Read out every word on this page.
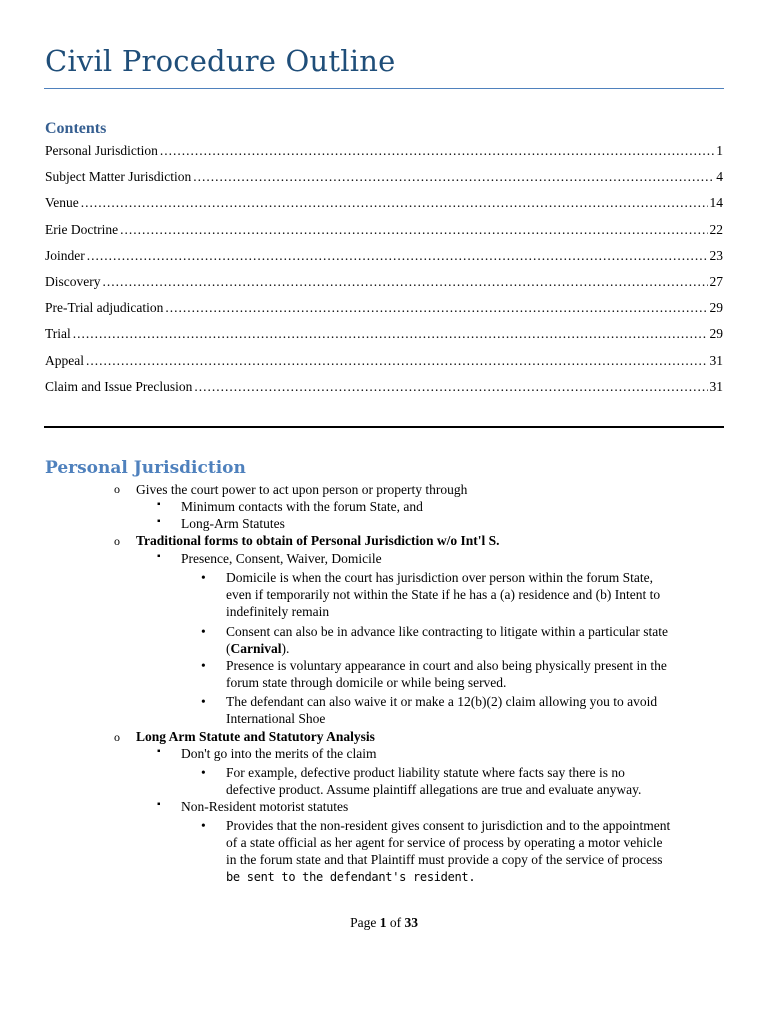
Civil Procedure Outline
Contents
Personal Jurisdiction .....	1
Subject Matter Jurisdiction .....	4
Venue .....	14
Erie Doctrine .....	22
Joinder .....	23
Discovery .....	27
Pre-Trial adjudication .....	29
Trial .....	29
Appeal .....	31
Claim and Issue Preclusion .....	31
Personal Jurisdiction
o Gives the court power to act upon person or property through
▪ Minimum contacts with the forum State, and
▪ Long-Arm Statutes
o Traditional forms to obtain of Personal Jurisdiction w/o Int'l S.
▪ Presence, Consent, Waiver, Domicile
• Domicile is when the court has jurisdiction over person within the forum State,
even if temporarily not within the State if he has a (a) residence and (b) Intent to
indefinitely remain
• Consent can also be in advance like contracting to litigate within a particular state
(Carnival).
• Presence is voluntary appearance in court and also being physically present in the
forum state through domicile or while being served.
• The defendant can also waive it or make a 12(b)(2) claim allowing you to avoid
International Shoe
o Long Arm Statute and Statutory Analysis
▪ Don't go into the merits of the claim
• For example, defective product liability statute where facts say there is no
defective product. Assume plaintiff allegations are true and evaluate anyway.
▪ Non-Resident motorist statutes
• Provides that the non-resident gives consent to jurisdiction and to the appointment
of a state official as her agent for service of process by operating a motor vehicle
in the forum state and that Plaintiff must provide a copy of the service of process
be sent to the defendant's resident.
Page 1 of 33
